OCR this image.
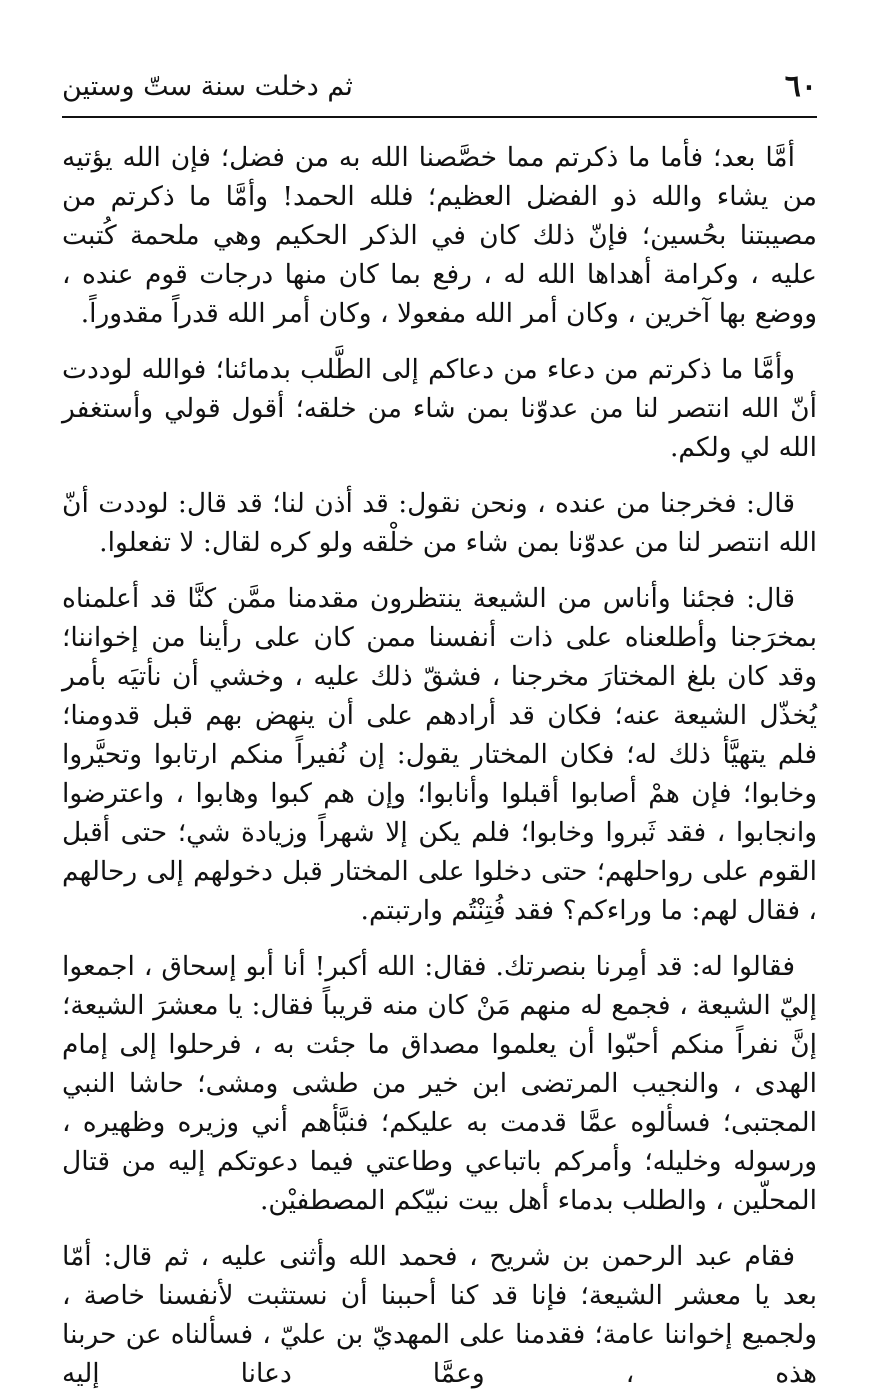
٦٠
ثم دخلت سنة ستّ وستين

أمَّا بعد؛ فأما ما ذكرتم مما خصَّصنا الله به من فضل؛ فإن الله يؤتيه من يشاء والله ذو الفضل العظيم؛ فلله الحمد! وأمَّا ما ذكرتم من مصيبتنا بحُسين؛ فإنّ ذلك كان في الذكر الحكيم وهي ملحمة كُتبت عليه ، وكرامة أهداها الله له ، رفع بما كان منها درجات قوم عنده ، ووضع بها آخرين ، وكان أمر الله مفعولا ، وكان أمر الله قدراً مقدوراً.

وأمَّا ما ذكرتم من دعاء من دعاكم إلى الطَّلب بدمائنا؛ فوالله لوددت أنّ الله انتصر لنا من عدوّنا بمن شاء من خلقه؛ أقول قولي وأستغفر الله لي ولكم.

قال: فخرجنا من عنده ، ونحن نقول: قد أذن لنا؛ قد قال: لوددت أنّ الله انتصر لنا من عدوّنا بمن شاء من خلْقه ولو كره لقال: لا تفعلوا.

قال: فجئنا وأناس من الشيعة ينتظرون مقدمنا ممَّن كنَّا قد أعلمناه بمخرَجنا وأطلعناه على ذات أنفسنا ممن كان على رأينا من إخواننا؛ وقد كان بلغ المختارَ مخرجنا ، فشقّ ذلك عليه ، وخشي أن نأتيَه بأمر يُخذّل الشيعة عنه؛ فكان قد أرادهم على أن ينهض بهم قبل قدومنا؛ فلم يتهيَّأ ذلك له؛ فكان المختار يقول: إن نُفيراً منكم ارتابوا وتحيَّروا وخابوا؛ فإن همْ أصابوا أقبلوا وأنابوا؛ وإن هم كبوا وهابوا ، واعترضوا وانجابوا ، فقد ثَبروا وخابوا؛ فلم يكن إلا شهراً وزيادة شي؛ حتى أقبل القوم على رواحلهم؛ حتى دخلوا على المختار قبل دخولهم إلى رحالهم ، فقال لهم: ما وراءكم؟ فقد فُتِنْتُم وارتبتم.

فقالوا له: قد أمِرنا بنصرتك. فقال: الله أكبر! أنا أبو إسحاق ، اجمعوا إليّ الشيعة ، فجمع له منهم مَنْ كان منه قريباً فقال: يا معشرَ الشيعة؛ إنَّ نفراً منكم أحبّوا أن يعلموا مصداق ما جئت به ، فرحلوا إلى إمام الهدى ، والنجيب المرتضى ابن خير من طشى ومشى؛ حاشا النبي المجتبى؛ فسألوه عمَّا قدمت به عليكم؛ فنبَّأهم أني وزيره وظهيره ، ورسوله وخليله؛ وأمركم باتباعي وطاعتي فيما دعوتكم إليه من قتال المحلّين ، والطلب بدماء أهل بيت نبيّكم المصطفيْن.

فقام عبد الرحمن بن شريح ، فحمد الله وأثنى عليه ، ثم قال: أمّا بعد يا معشر الشيعة؛ فإنا قد كنا أحببنا أن نستثبت لأنفسنا خاصة ، ولجميع إخواننا عامة؛ فقدمنا على المهديّ بن عليّ ، فسألناه عن حربنا هذه ، وعمَّا دعانا إليه
